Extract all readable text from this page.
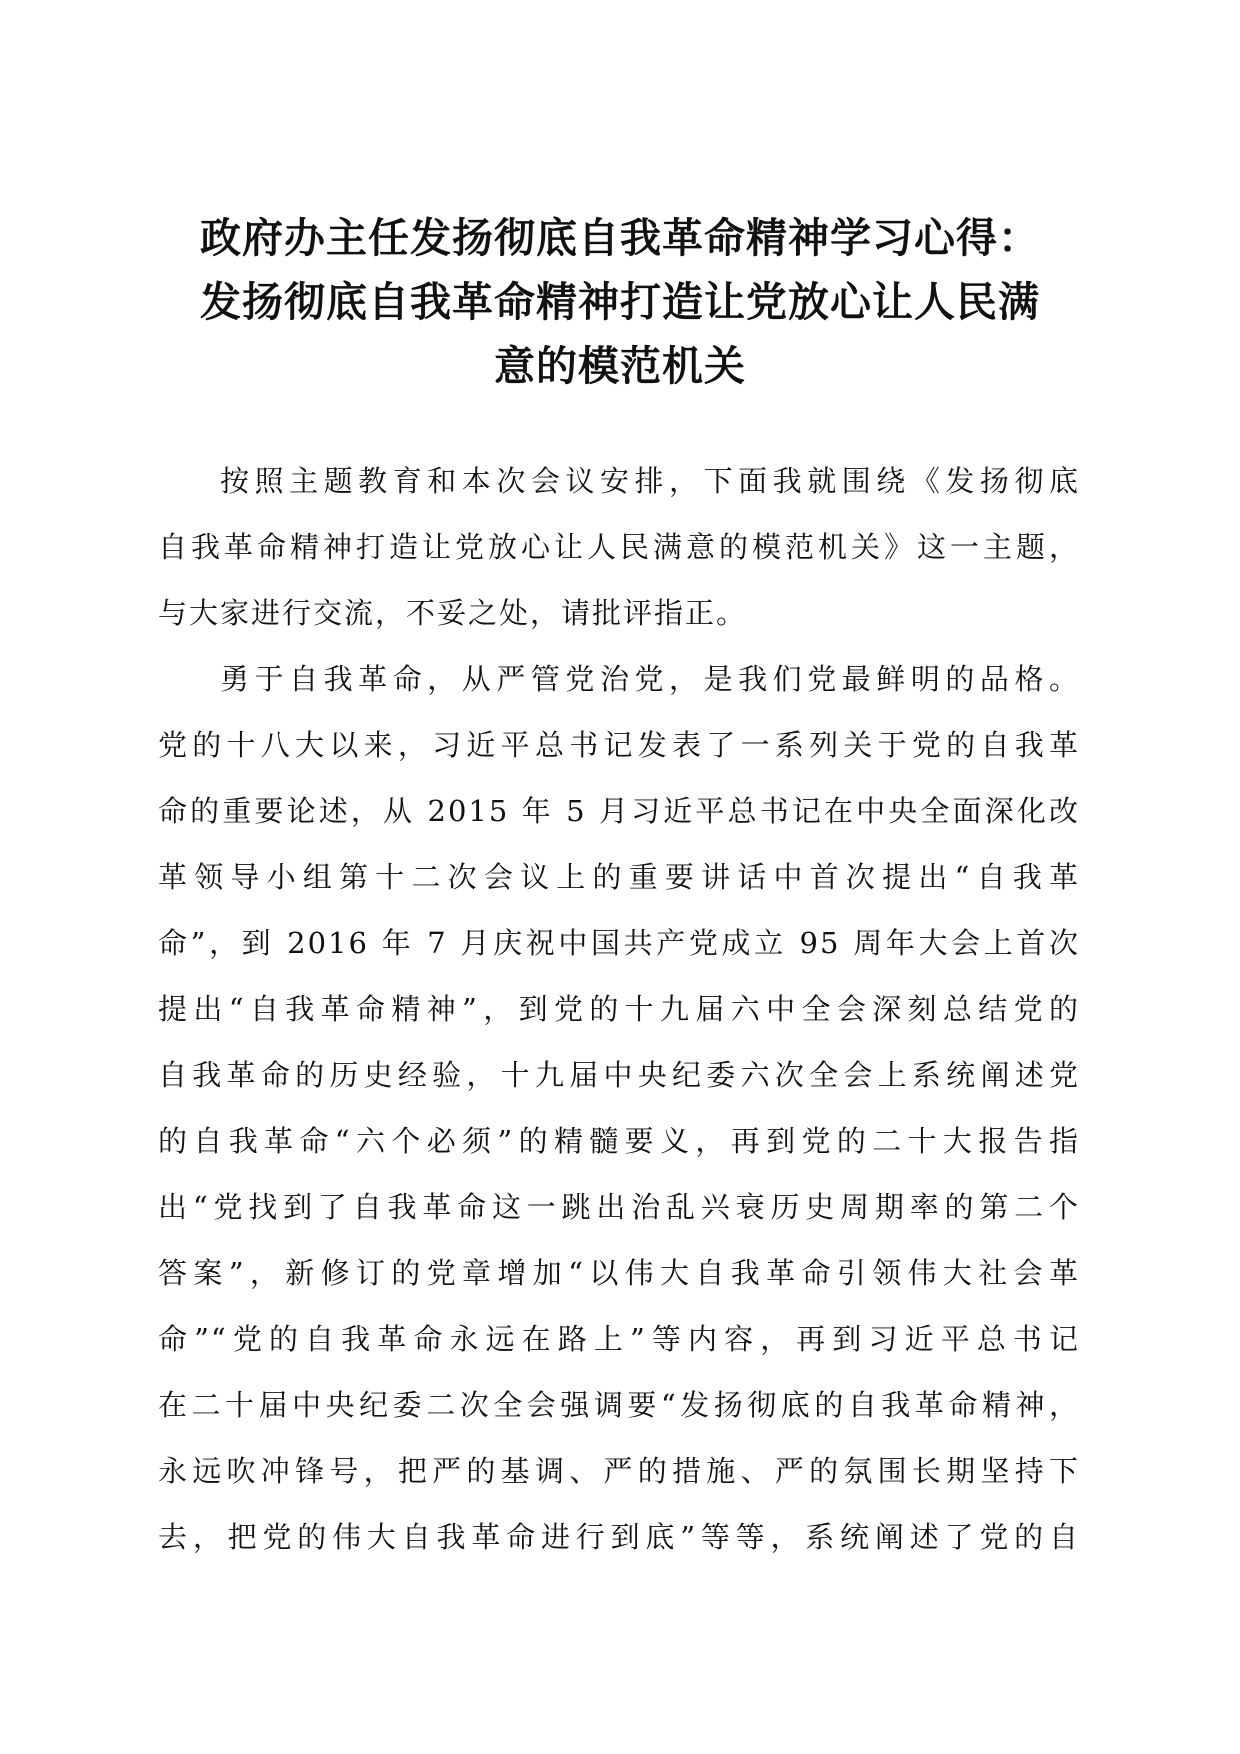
政府办主任发扬彻底自我革命精神学习心得：
发扬彻底自我革命精神打造让党放心让人民满
意的模范机关
按照主题教育和本次会议安排，下面我就围绕《发扬彻底
自我革命精神打造让党放心让人民满意的模范机关》这一主题，
与大家进行交流，不妥之处，请批评指正。
勇于自我革命，从严管党治党，是我们党最鲜明的品格。
党的十八大以来，习近平总书记发表了一系列关于党的自我革
命的重要论述，从 2015 年 5 月习近平总书记在中央全面深化改
革领导小组第十二次会议上的重要讲话中首次提出“自我革
命”，到 2016 年 7 月庆祝中国共产党成立 95 周年大会上首次
提出“自我革命精神”，到党的十九届六中全会深刻总结党的
自我革命的历史经验，十九届中央纪委六次全会上系统阐述党
的自我革命“六个必须”的精髓要义，再到党的二十大报告指
出“党找到了自我革命这一跳出治乱兴衰历史周期率的第二个
答案”，新修订的党章增加“以伟大自我革命引领伟大社会革
命”“党的自我革命永远在路上”等内容，再到习近平总书记
在二十届中央纪委二次全会强调要“发扬彻底的自我革命精神，
永远吹冲锋号，把严的基调、严的措施、严的氛围长期坚持下
去，把党的伟大自我革命进行到底”等等，系统阐述了党的自
